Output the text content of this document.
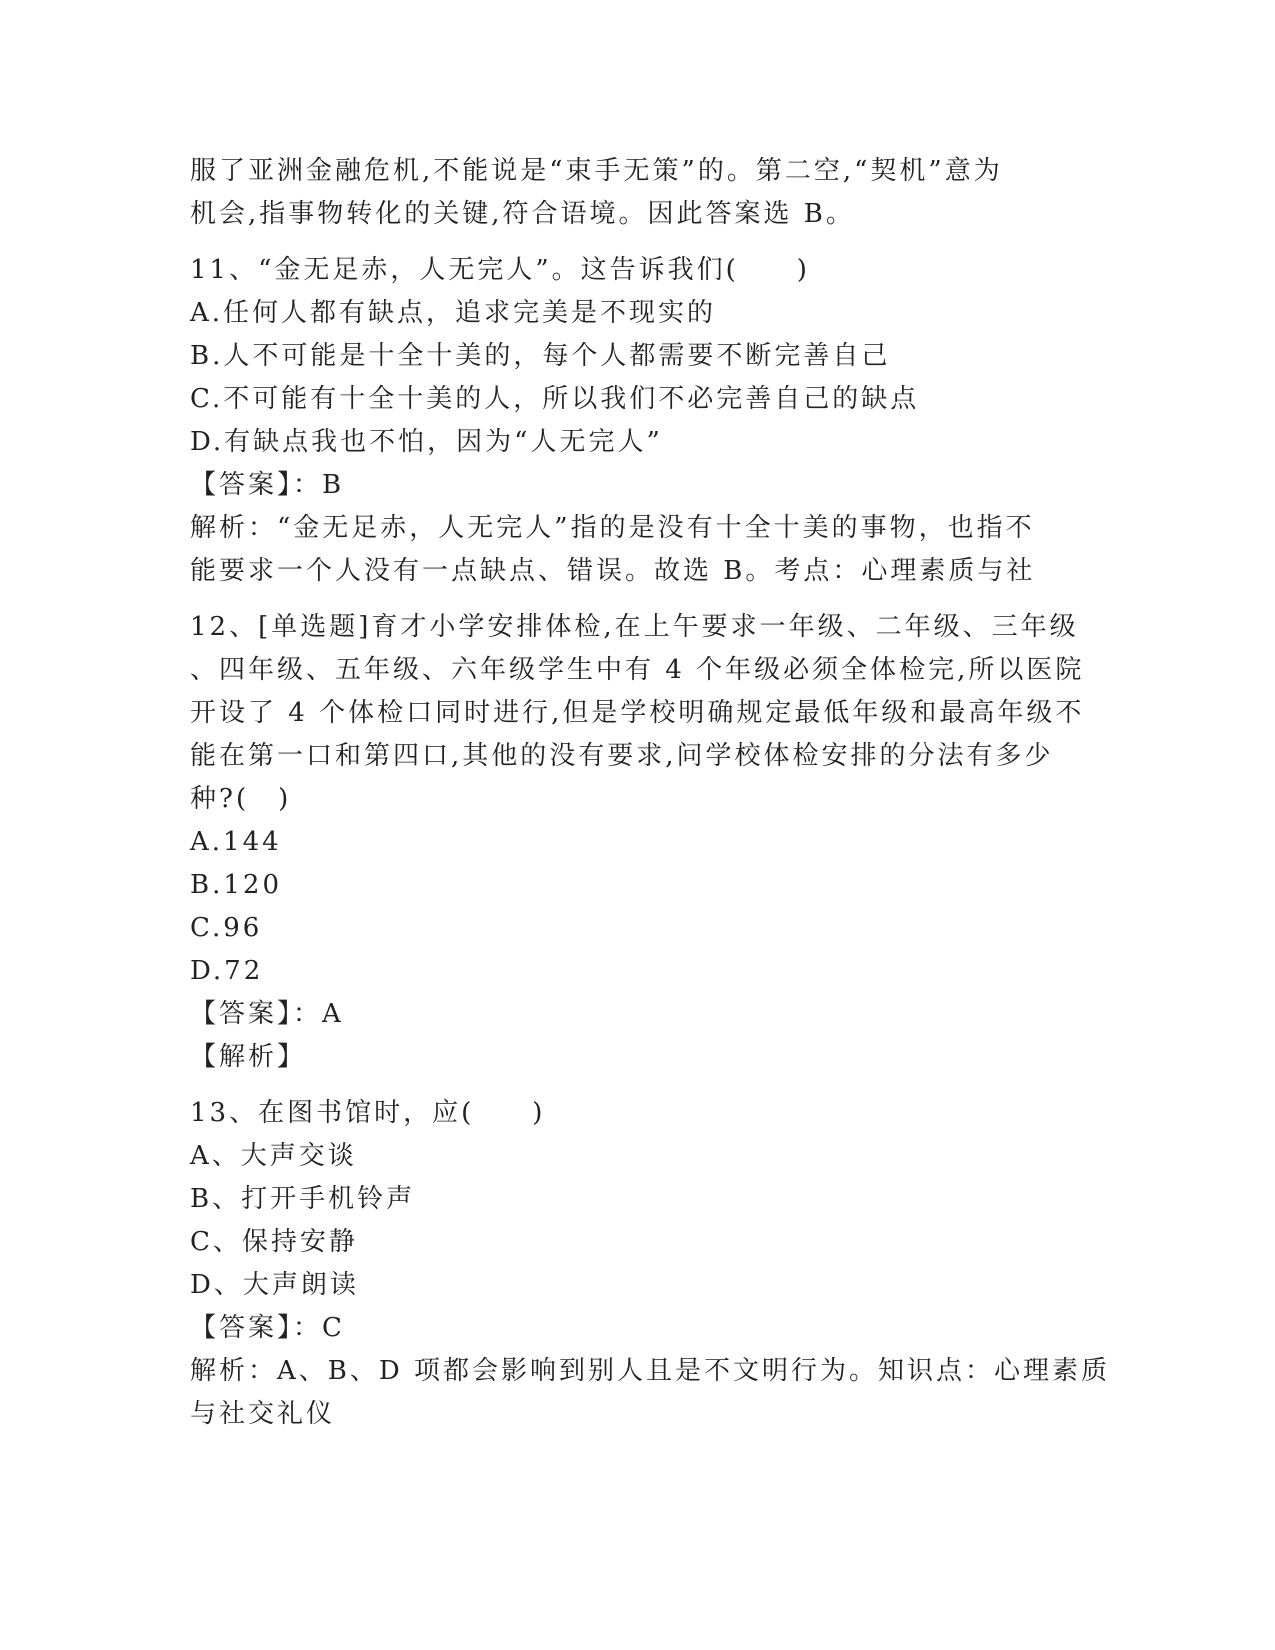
服了亚洲金融危机,不能说是“束手无策”的。第二空,“契机”意为

机会,指事物转化的关键,符合语境。因此答案选 B。

11、“金无足赤，人无完人”。这告诉我们(　　)

A.任何人都有缺点，追求完美是不现实的

B.人不可能是十全十美的，每个人都需要不断完善自己

C.不可能有十全十美的人，所以我们不必完善自己的缺点

D.有缺点我也不怕，因为“人无完人”

【答案】：B

解析：“金无足赤，人无完人”指的是没有十全十美的事物，也指不

能要求一个人没有一点缺点、错误。故选 B。考点：心理素质与社

12、[单选题]育才小学安排体检,在上午要求一年级、二年级、三年级

、四年级、五年级、六年级学生中有 4 个年级必须全体检完,所以医院

开设了 4 个体检口同时进行,但是学校明确规定最低年级和最高年级不

能在第一口和第四口,其他的没有要求,问学校体检安排的分法有多少

种?(　)

A.144

B.120

C.96

D.72

【答案】：A

【解析】

13、在图书馆时，应(　　)

A、大声交谈

B、打开手机铃声

C、保持安静

D、大声朗读

【答案】：C

解析：A、B、D 项都会影响到别人且是不文明行为。知识点：心理素质

与社交礼仪
